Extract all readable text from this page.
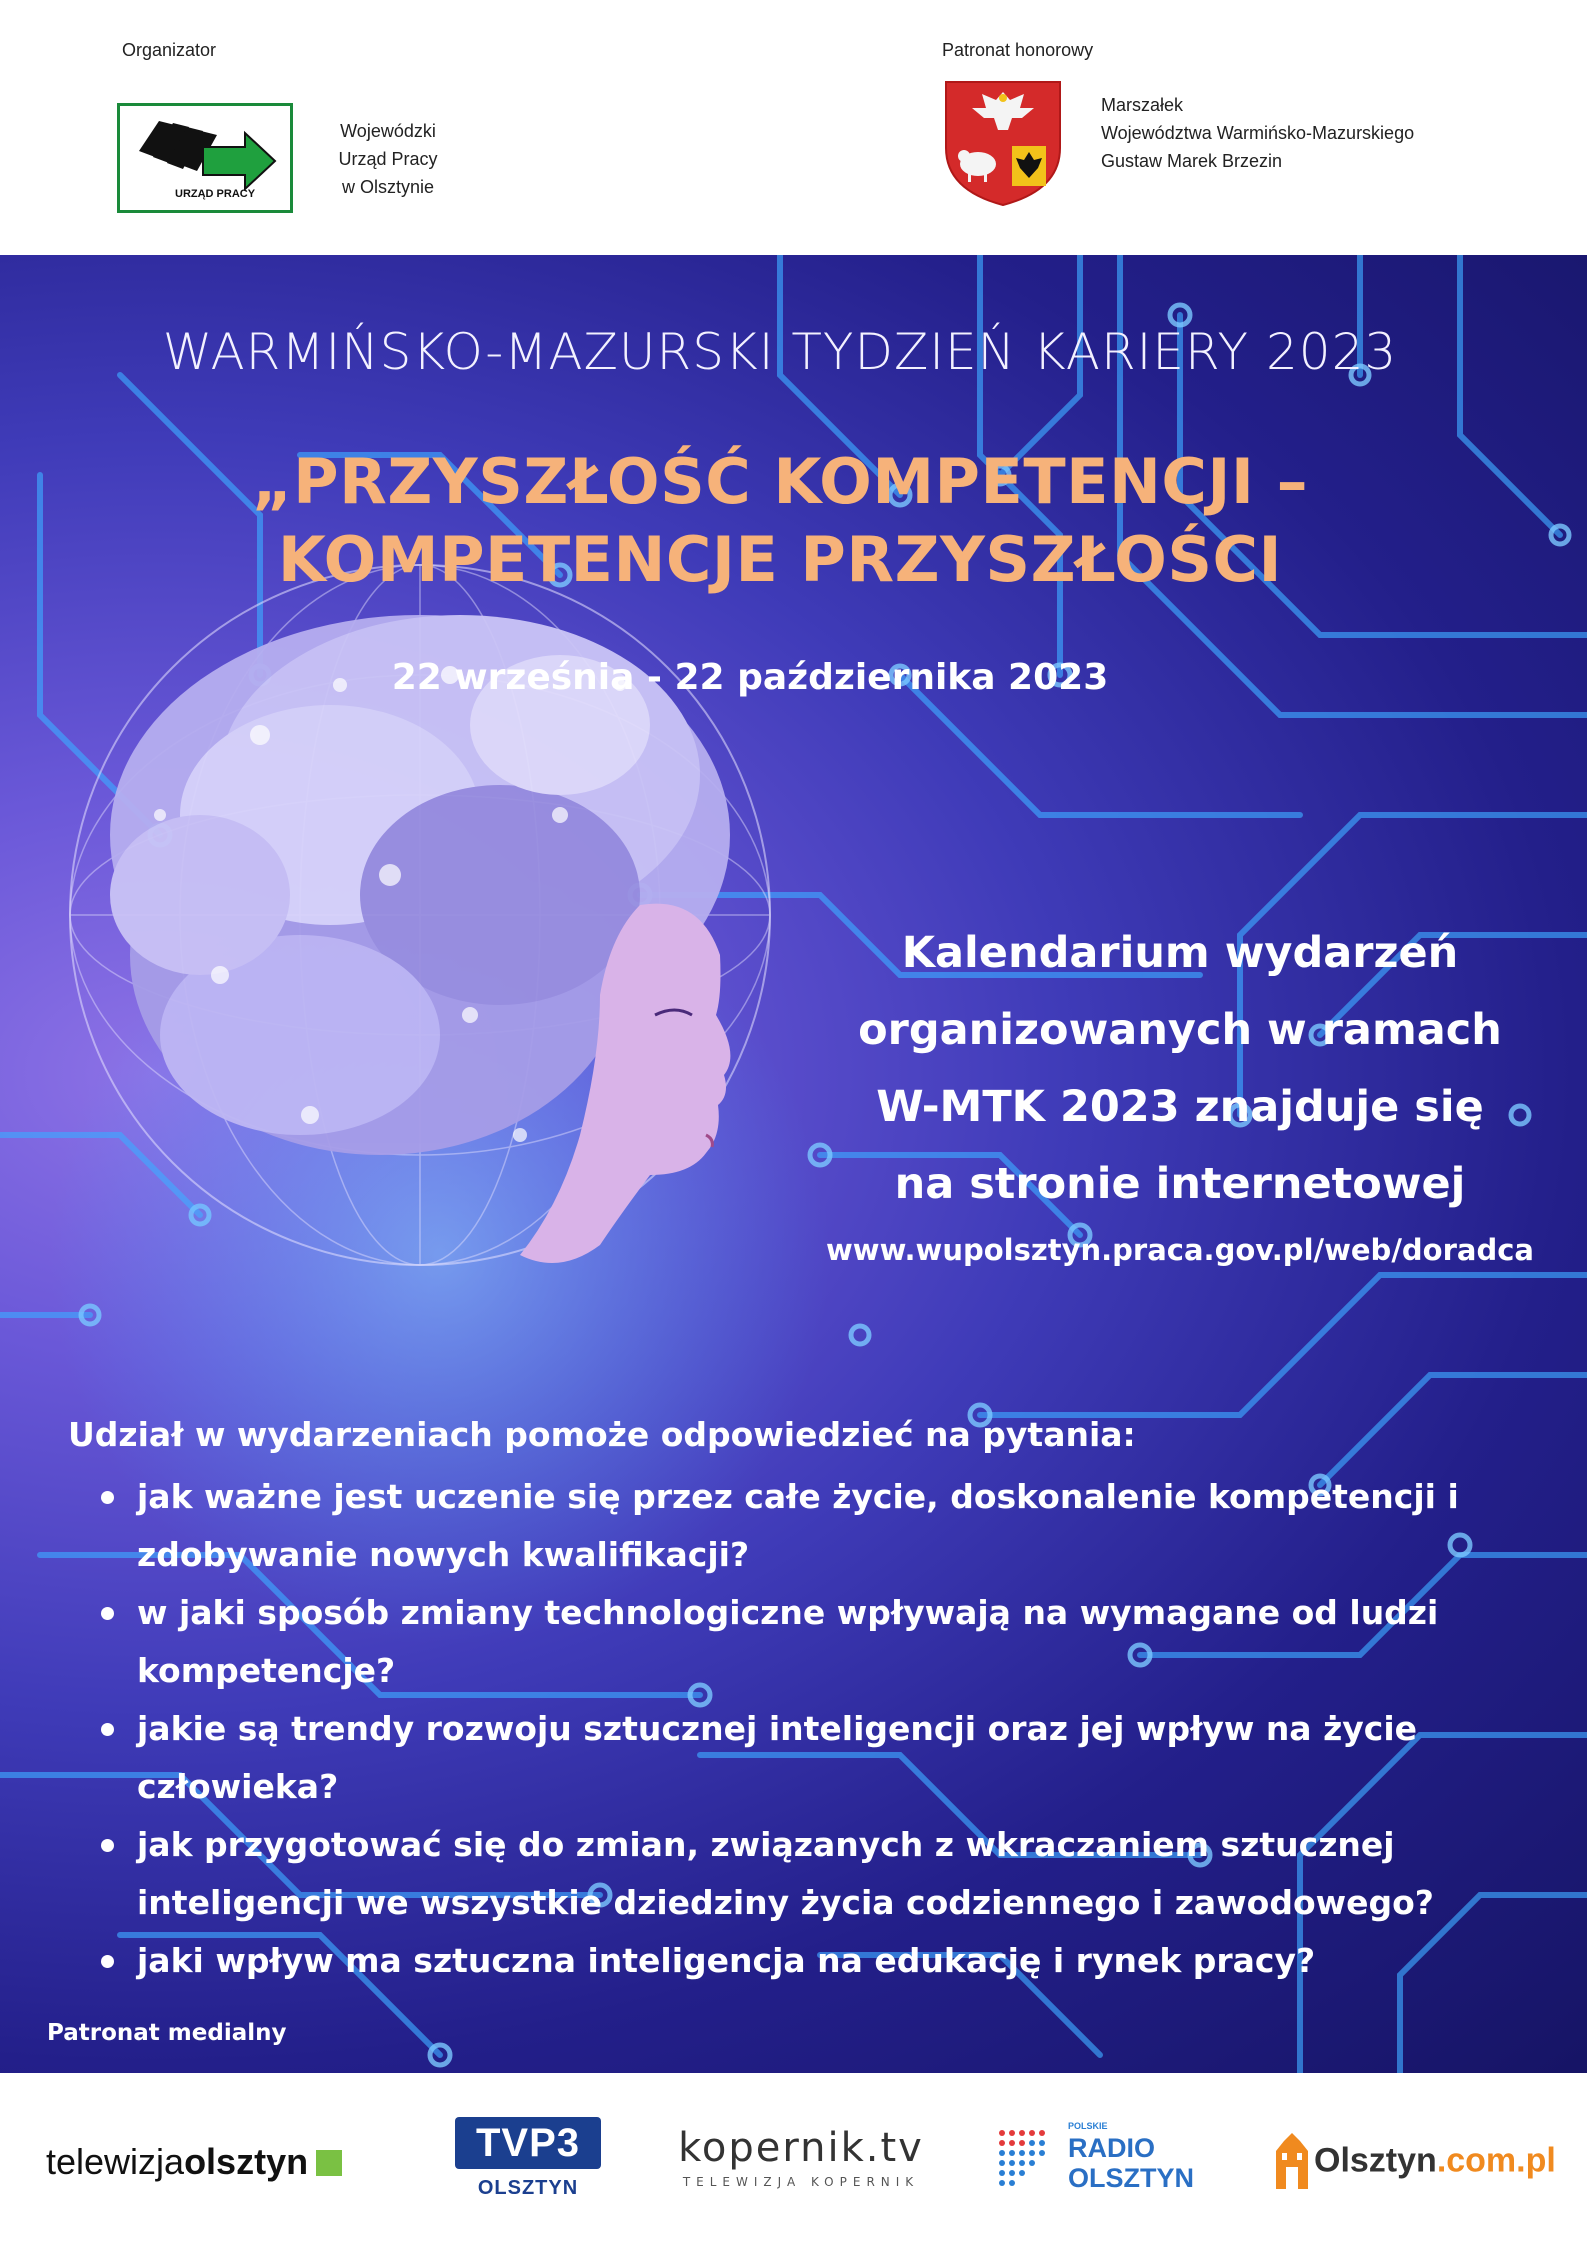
Organizator
URZĄD PRACY
Wojewódzki
Urząd Pracy
w Olsztynie
Patronat honorowy
Marszałek
Województwa Warmińsko-Mazurskiego
Gustaw Marek Brzezin
WARMIŃSKO-MAZURSKI TYDZIEŃ KARIERY 2023
„PRZYSZŁOŚĆ KOMPETENCJI –
KOMPETENCJE PRZYSZŁOŚCI
22 września - 22 października 2023
Kalendarium wydarzeń
organizowanych w ramach
W-MTK 2023 znajduje się
na stronie internetowej
www.wupolsztyn.praca.gov.pl/web/doradca
Udział w wydarzeniach pomoże odpowiedzieć na pytania:
jak ważne jest uczenie się przez całe życie, doskonalenie kompetencji i zdobywanie nowych kwalifikacji?
w jaki sposób zmiany technologiczne wpływają na wymagane od ludzi kompetencje?
jakie są trendy rozwoju sztucznej inteligencji oraz jej wpływ na życie człowieka?
jak przygotować się do zmian, związanych z wkraczaniem sztucznej inteligencji we wszystkie dziedziny życia codziennego i zawodowego?
jaki wpływ ma sztuczna inteligencja na edukację i rynek pracy?
Patronat medialny
telewizjaolsztyn	TVP3
OLSZTYN
kopernik.tv
TELEWIZJA KOPERNIK
POLSKIE
RADIO
OLSZTYN	Olsztyn.com.pl
